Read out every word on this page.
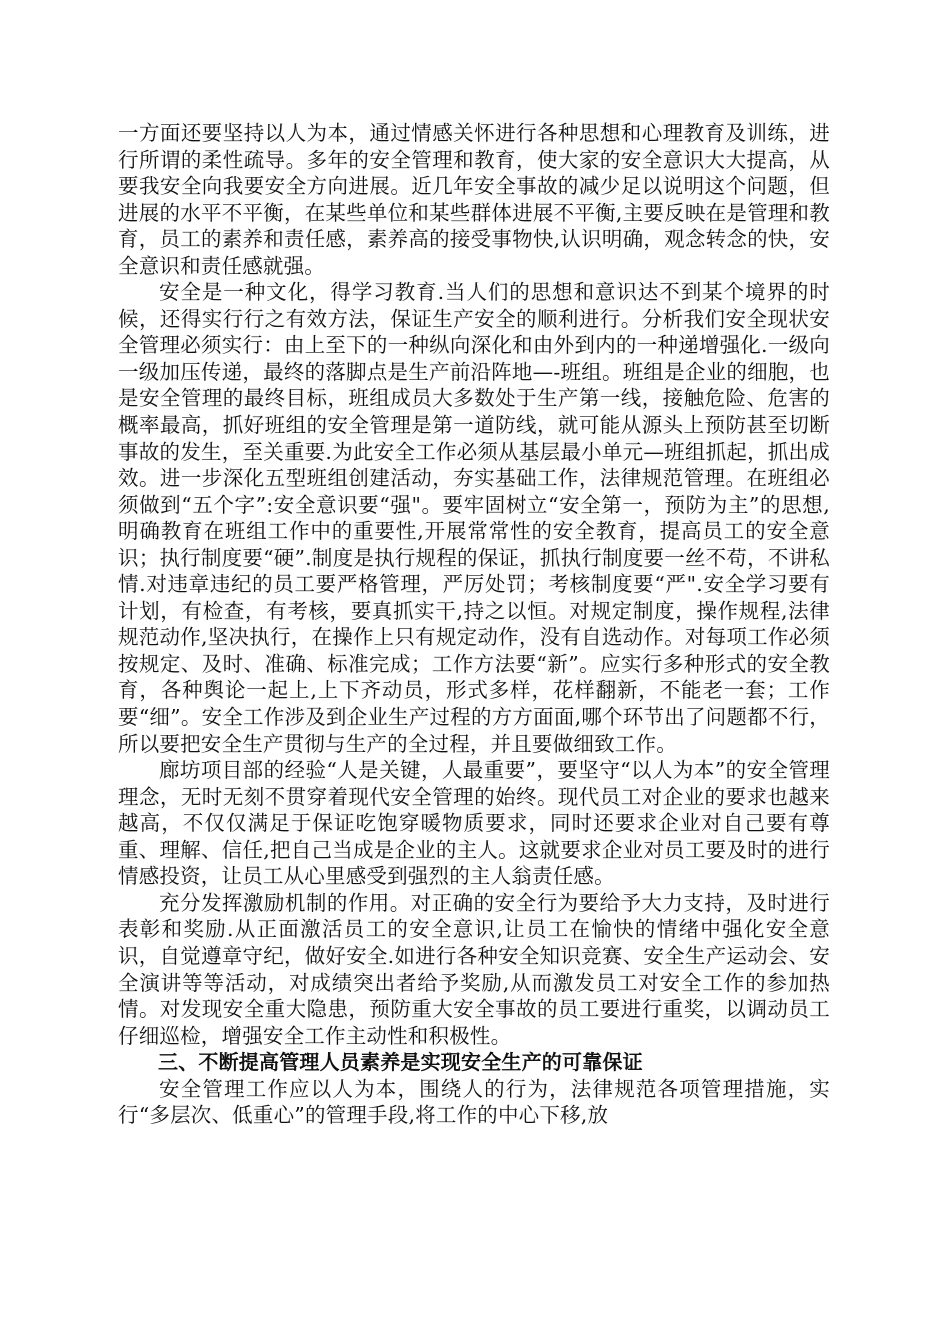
一方面还要坚持以人为本，通过情感关怀进行各种思想和心理教育及训练，进行所谓的柔性疏导。多年的安全管理和教育，使大家的安全意识大大提高，从要我安全向我要安全方向进展。近几年安全事故的减少足以说明这个问题，但进展的水平不平衡，在某些单位和某些群体进展不平衡,主要反映在是管理和教育，员工的素养和责任感，素养高的接受事物快,认识明确，观念转念的快，安全意识和责任感就强。

安全是一种文化，得学习教育.当人们的思想和意识达不到某个境界的时候，还得实行行之有效方法，保证生产安全的顺利进行。分析我们安全现状安全管理必须实行：由上至下的一种纵向深化和由外到内的一种递增强化.一级向一级加压传递，最终的落脚点是生产前沿阵地—-班组。班组是企业的细胞，也是安全管理的最终目标，班组成员大多数处于生产第一线，接触危险、危害的概率最高，抓好班组的安全管理是第一道防线，就可能从源头上预防甚至切断事故的发生，至关重要.为此安全工作必须从基层最小单元—班组抓起，抓出成效。进一步深化五型班组创建活动，夯实基础工作，法律规范管理。在班组必须做到“五个字”:安全意识要“强"。要牢固树立“安全第一，预防为主”的思想,明确教育在班组工作中的重要性,开展常常性的安全教育，提高员工的安全意识；执行制度要“硬”.制度是执行规程的保证，抓执行制度要一丝不苟，不讲私情.对违章违纪的员工要严格管理，严厉处罚；考核制度要“严".安全学习要有计划，有检查，有考核，要真抓实干,持之以恒。对规定制度，操作规程,法律规范动作,坚决执行，在操作上只有规定动作，没有自选动作。对每项工作必须按规定、及时、准确、标准完成；工作方法要“新”。应实行多种形式的安全教育，各种舆论一起上,上下齐动员，形式多样，花样翻新，不能老一套；工作要“细”。安全工作涉及到企业生产过程的方方面面,哪个环节出了问题都不行，所以要把安全生产贯彻与生产的全过程，并且要做细致工作。

廊坊项目部的经验“人是关键，人最重要”，要坚守“以人为本”的安全管理理念，无时无刻不贯穿着现代安全管理的始终。现代员工对企业的要求也越来越高，不仅仅满足于保证吃饱穿暖物质要求，同时还要求企业对自己要有尊重、理解、信任,把自己当成是企业的主人。这就要求企业对员工要及时的进行情感投资，让员工从心里感受到强烈的主人翁责任感。

充分发挥激励机制的作用。对正确的安全行为要给予大力支持，及时进行表彰和奖励.从正面激活员工的安全意识,让员工在愉快的情绪中强化安全意识，自觉遵章守纪，做好安全.如进行各种安全知识竞赛、安全生产运动会、安全演讲等等活动，对成绩突出者给予奖励,从而激发员工对安全工作的参加热情。对发现安全重大隐患，预防重大安全事故的员工要进行重奖，以调动员工仔细巡检，增强安全工作主动性和积极性。

三、不断提高管理人员素养是实现安全生产的可靠保证

安全管理工作应以人为本，围绕人的行为，法律规范各项管理措施，实行“多层次、低重心”的管理手段,将工作的中心下移,放
